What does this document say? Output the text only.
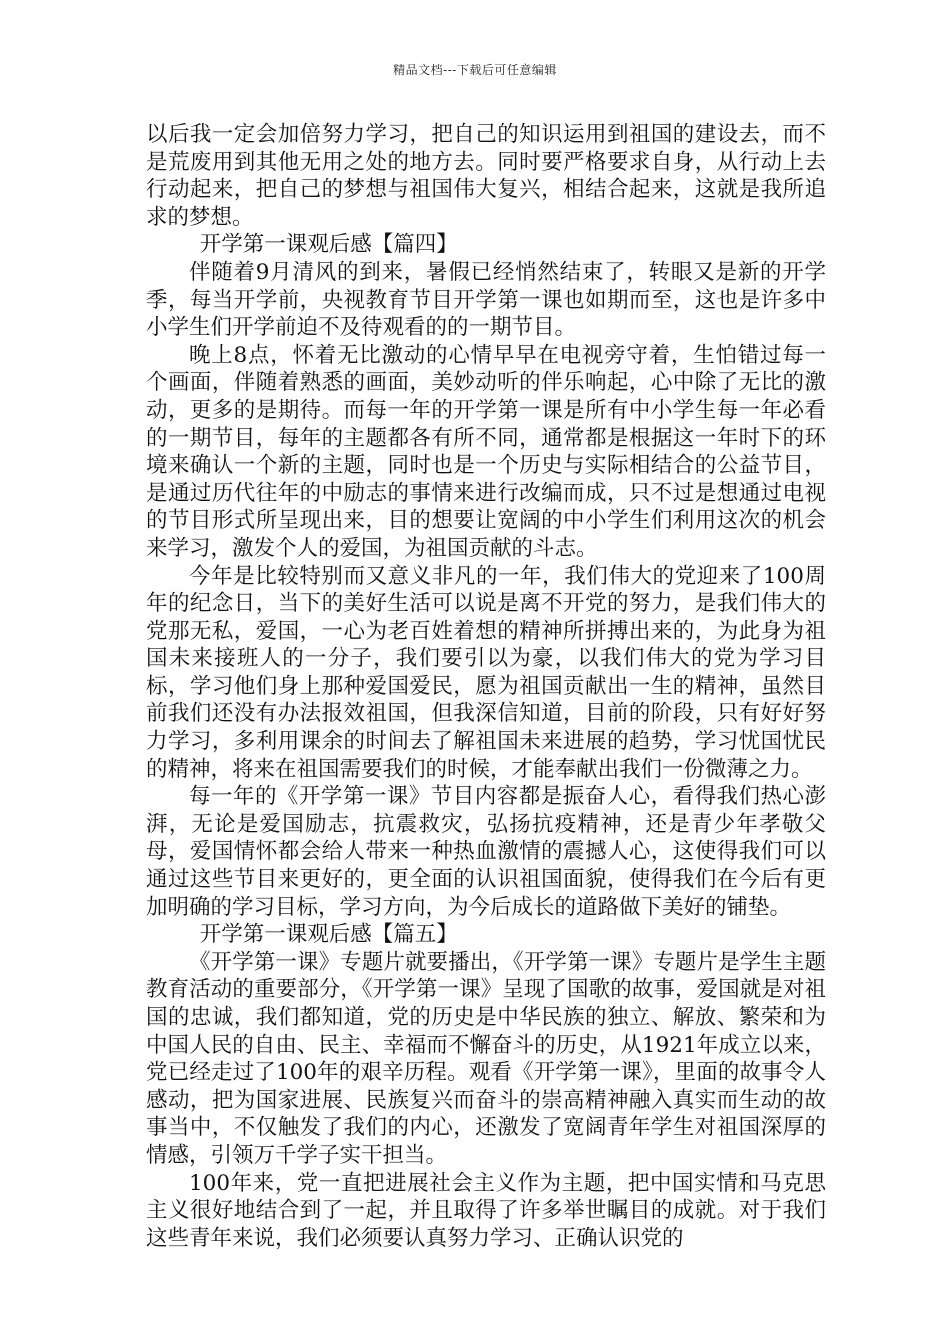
精品文档---下载后可任意编辑

以后我一定会加倍努力学习，把自己的知识运用到祖国的建设去，而不是荒废用到其他无用之处的地方去。同时要严格要求自身，从行动上去行动起来，把自己的梦想与祖国伟大复兴，相结合起来，这就是我所追求的梦想。

开学第一课观后感【篇四】

伴随着9月清风的到来，暑假已经悄然结束了，转眼又是新的开学季，每当开学前，央视教育节目开学第一课也如期而至，这也是许多中小学生们开学前迫不及待观看的的一期节目。

晚上8点，怀着无比激动的心情早早在电视旁守着，生怕错过每一个画面，伴随着熟悉的画面，美妙动听的伴乐响起，心中除了无比的激动，更多的是期待。而每一年的开学第一课是所有中小学生每一年必看的一期节目，每年的主题都各有所不同，通常都是根据这一年时下的环境来确认一个新的主题，同时也是一个历史与实际相结合的公益节目，是通过历代往年的中励志的事情来进行改编而成，只不过是想通过电视的节目形式所呈现出来，目的想要让宽阔的中小学生们利用这次的机会来学习，激发个人的爱国，为祖国贡献的斗志。

今年是比较特别而又意义非凡的一年，我们伟大的党迎来了100周年的纪念日，当下的美好生活可以说是离不开党的努力，是我们伟大的党那无私，爱国，一心为老百姓着想的精神所拼搏出来的，为此身为祖国未来接班人的一分子，我们要引以为豪，以我们伟大的党为学习目标，学习他们身上那种爱国爱民，愿为祖国贡献出一生的精神，虽然目前我们还没有办法报效祖国，但我深信知道，目前的阶段，只有好好努力学习，多利用课余的时间去了解祖国未来进展的趋势，学习忧国忧民的精神，将来在祖国需要我们的时候，才能奉献出我们一份微薄之力。

每一年的《开学第一课》节目内容都是振奋人心，看得我们热心澎湃，无论是爱国励志，抗震救灾，弘扬抗疫精神，还是青少年孝敬父母，爱国情怀都会给人带来一种热血激情的震撼人心，这使得我们可以通过这些节目来更好的，更全面的认识祖国面貌，使得我们在今后有更加明确的学习目标，学习方向，为今后成长的道路做下美好的铺垫。

开学第一课观后感【篇五】

《开学第一课》专题片就要播出，《开学第一课》专题片是学生主题教育活动的重要部分，《开学第一课》呈现了国歌的故事，爱国就是对祖国的忠诚，我们都知道，党的历史是中华民族的独立、解放、繁荣和为中国人民的自由、民主、幸福而不懈奋斗的历史，从1921年成立以来，党已经走过了100年的艰辛历程。观看《开学第一课》，里面的故事令人感动，把为国家进展、民族复兴而奋斗的崇高精神融入真实而生动的故事当中，不仅触发了我们的内心，还激发了宽阔青年学生对祖国深厚的情感，引领万千学子实干担当。

100年来，党一直把进展社会主义作为主题，把中国实情和马克思主义很好地结合到了一起，并且取得了许多举世瞩目的成就。对于我们这些青年来说，我们必须要认真努力学习、正确认识党的
